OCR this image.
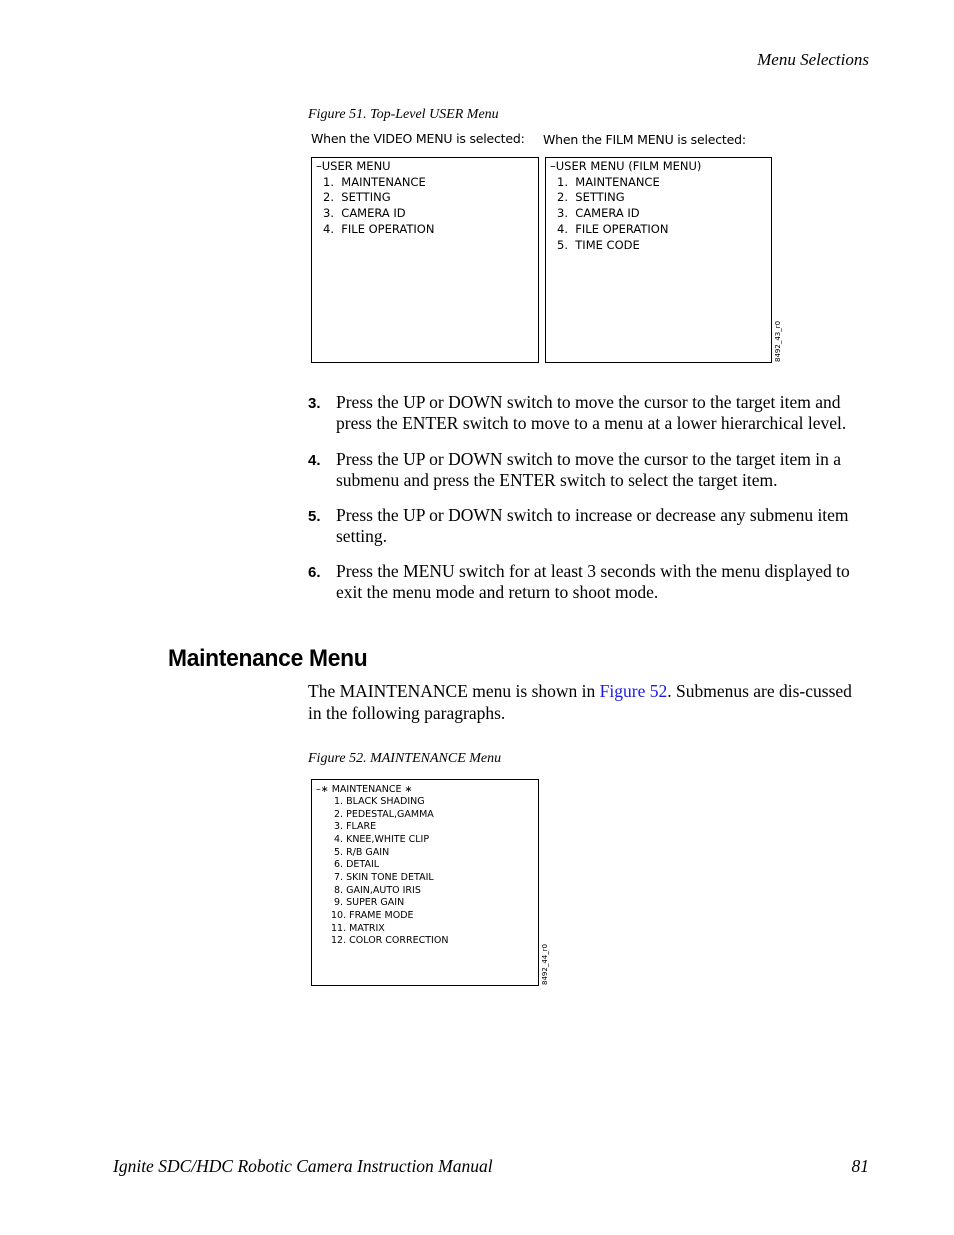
Menu Selections
Figure 51. Top-Level USER Menu
When the VIDEO MENU is selected: When the FILM MENU is selected:
–USER MENU
1.  MAINTENANCE
2.  SETTING
3.  CAMERA ID
4.  FILE OPERATION
–USER MENU (FILM MENU)
1.  MAINTENANCE
2.  SETTING
3.  CAMERA ID
4.  FILE OPERATION
5.  TIME CODE
8492_43_r0
3. Press the UP or DOWN switch to move the cursor to the target item and press the ENTER switch to move to a menu at a lower hierarchical level.
4. Press the UP or DOWN switch to move the cursor to the target item in a submenu and press the ENTER switch to select the target item.
5. Press the UP or DOWN switch to increase or decrease any submenu item setting.
6. Press the MENU switch for at least 3 seconds with the menu displayed to exit the menu mode and return to shoot mode.
Maintenance Menu
The MAINTENANCE menu is shown in Figure 52. Submenus are dis-cussed in the following paragraphs.
Figure 52. MAINTENANCE Menu
–∗ MAINTENANCE ∗
1. BLACK SHADING
2. PEDESTAL,GAMMA
3. FLARE
4. KNEE,WHITE CLIP
5. R/B GAIN
6. DETAIL
7. SKIN TONE DETAIL
8. GAIN,AUTO IRIS
9. SUPER GAIN
10. FRAME MODE
11. MATRIX
12. COLOR CORRECTION
8492_44_r0
Ignite SDC/HDC Robotic Camera Instruction Manual	81
